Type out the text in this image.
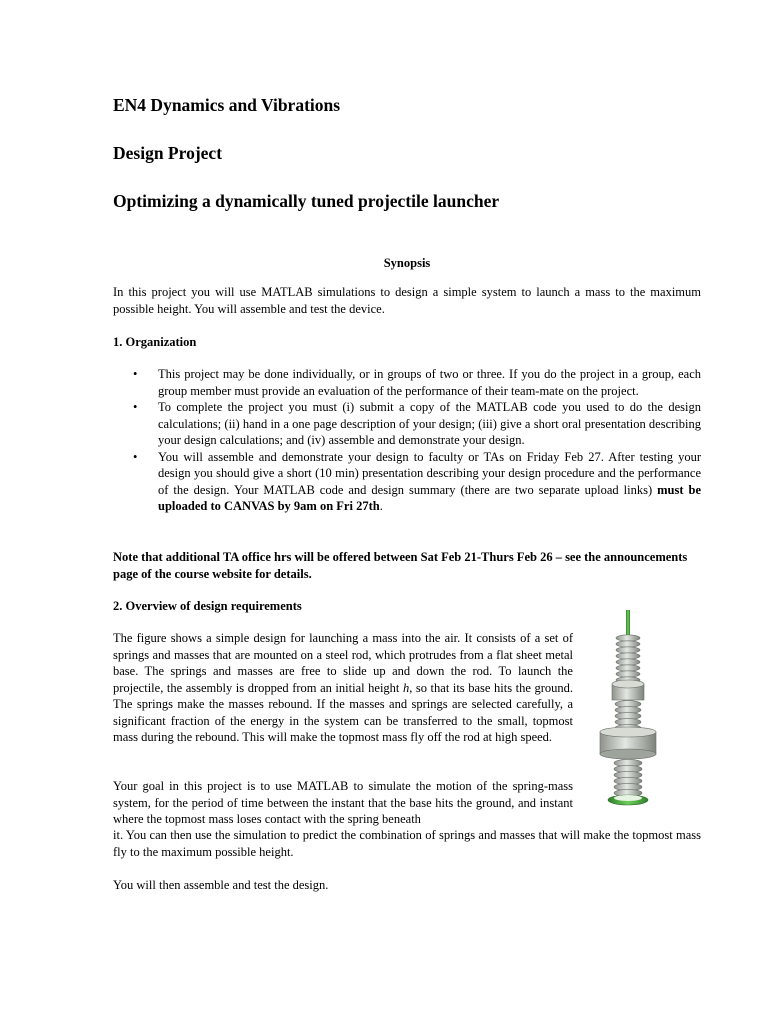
EN4 Dynamics and Vibrations
Design Project
Optimizing a dynamically tuned projectile launcher
Synopsis

In this project you will use MATLAB simulations to design a simple system to launch a mass to the maximum possible height. You will assemble and test the device.

1. Organization
• This project may be done individually, or in groups of two or three. If you do the project in a group, each group member must provide an evaluation of the performance of their team-mate on the project.
• To complete the project you must (i) submit a copy of the MATLAB code you used to do the design calculations; (ii) hand in a one page description of your design; (iii) give a short oral presentation describing your design calculations; and (iv) assemble and demonstrate your design.
• You will assemble and demonstrate your design to faculty or TAs on Friday Feb 27. After testing your design you should give a short (10 min) presentation describing your design procedure and the performance of the design. Your MATLAB code and design summary (there are two separate upload links) must be uploaded to CANVAS by 9am on Fri 27th.

Note that additional TA office hrs will be offered between Sat Feb 21-Thurs Feb 26 – see the announcements page of the course website for details.

2. Overview of design requirements

The figure shows a simple design for launching a mass into the air. It consists of a set of springs and masses that are mounted on a steel rod, which protrudes from a flat sheet metal base. The springs and masses are free to slide up and down the rod. To launch the projectile, the assembly is dropped from an initial height h, so that its base hits the ground. The springs make the masses rebound. If the masses and springs are selected carefully, a significant fraction of the energy in the system can be transferred to the small, topmost mass during the rebound. This will make the topmost mass fly off the rod at high speed.

Your goal in this project is to use MATLAB to simulate the motion of the spring-mass system, for the period of time between the instant that the base hits the ground, and instant where the topmost mass loses contact with the spring beneath

it. You can then use the simulation to predict the combination of springs and masses that will make the topmost mass fly to the maximum possible height.

You will then assemble and test the design.
